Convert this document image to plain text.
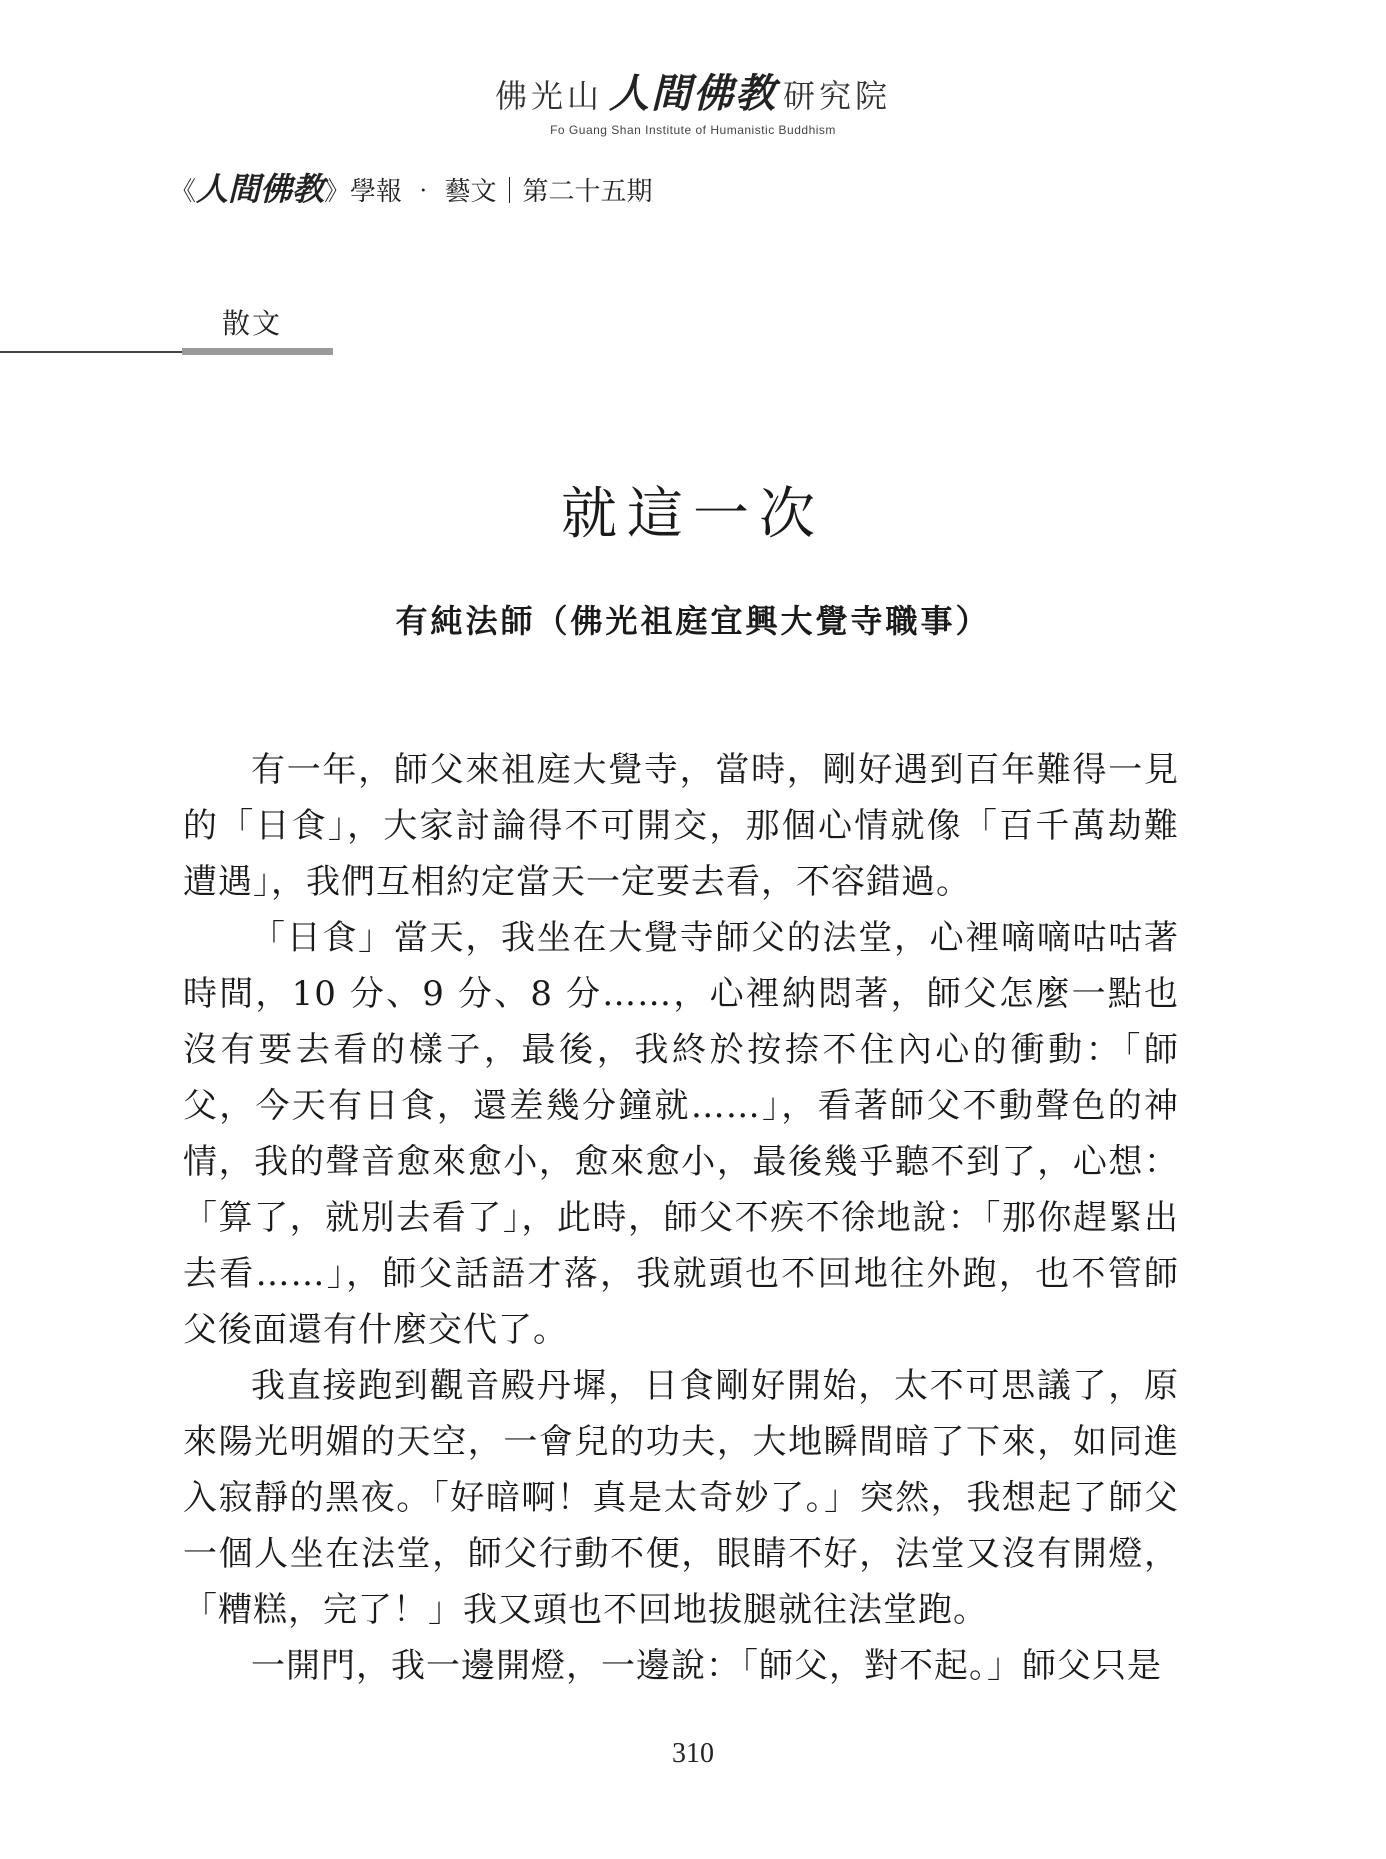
佛光山 人間佛教 研究院
Fo Guang Shan Institute of Humanistic Buddhism
《人間佛教》學報 ‧ 藝文｜第二十五期
散文
就這一次
有純法師（佛光祖庭宜興大覺寺職事）

有一年，師父來祖庭大覺寺，當時，剛好遇到百年難得一見的「日食」，大家討論得不可開交，那個心情就像「百千萬劫難遭遇」，我們互相約定當天一定要去看，不容錯過。

「日食」當天，我坐在大覺寺師父的法堂，心裡嘀嘀咕咕著時間，10 分、9 分、8 分……，心裡納悶著，師父怎麼一點也沒有要去看的樣子，最後，我終於按捺不住內心的衝動：「師父，今天有日食，還差幾分鐘就……」，看著師父不動聲色的神情，我的聲音愈來愈小，愈來愈小，最後幾乎聽不到了，心想：「算了，就別去看了」，此時，師父不疾不徐地說：「那你趕緊出去看……」，師父話語才落，我就頭也不回地往外跑，也不管師父後面還有什麼交代了。

我直接跑到觀音殿丹墀，日食剛好開始，太不可思議了，原來陽光明媚的天空，一會兒的功夫，大地瞬間暗了下來，如同進入寂靜的黑夜。「好暗啊！真是太奇妙了。」突然，我想起了師父一個人坐在法堂，師父行動不便，眼睛不好，法堂又沒有開燈，「糟糕，完了！」我又頭也不回地拔腿就往法堂跑。

一開門，我一邊開燈，一邊說：「師父，對不起。」師父只是

310
